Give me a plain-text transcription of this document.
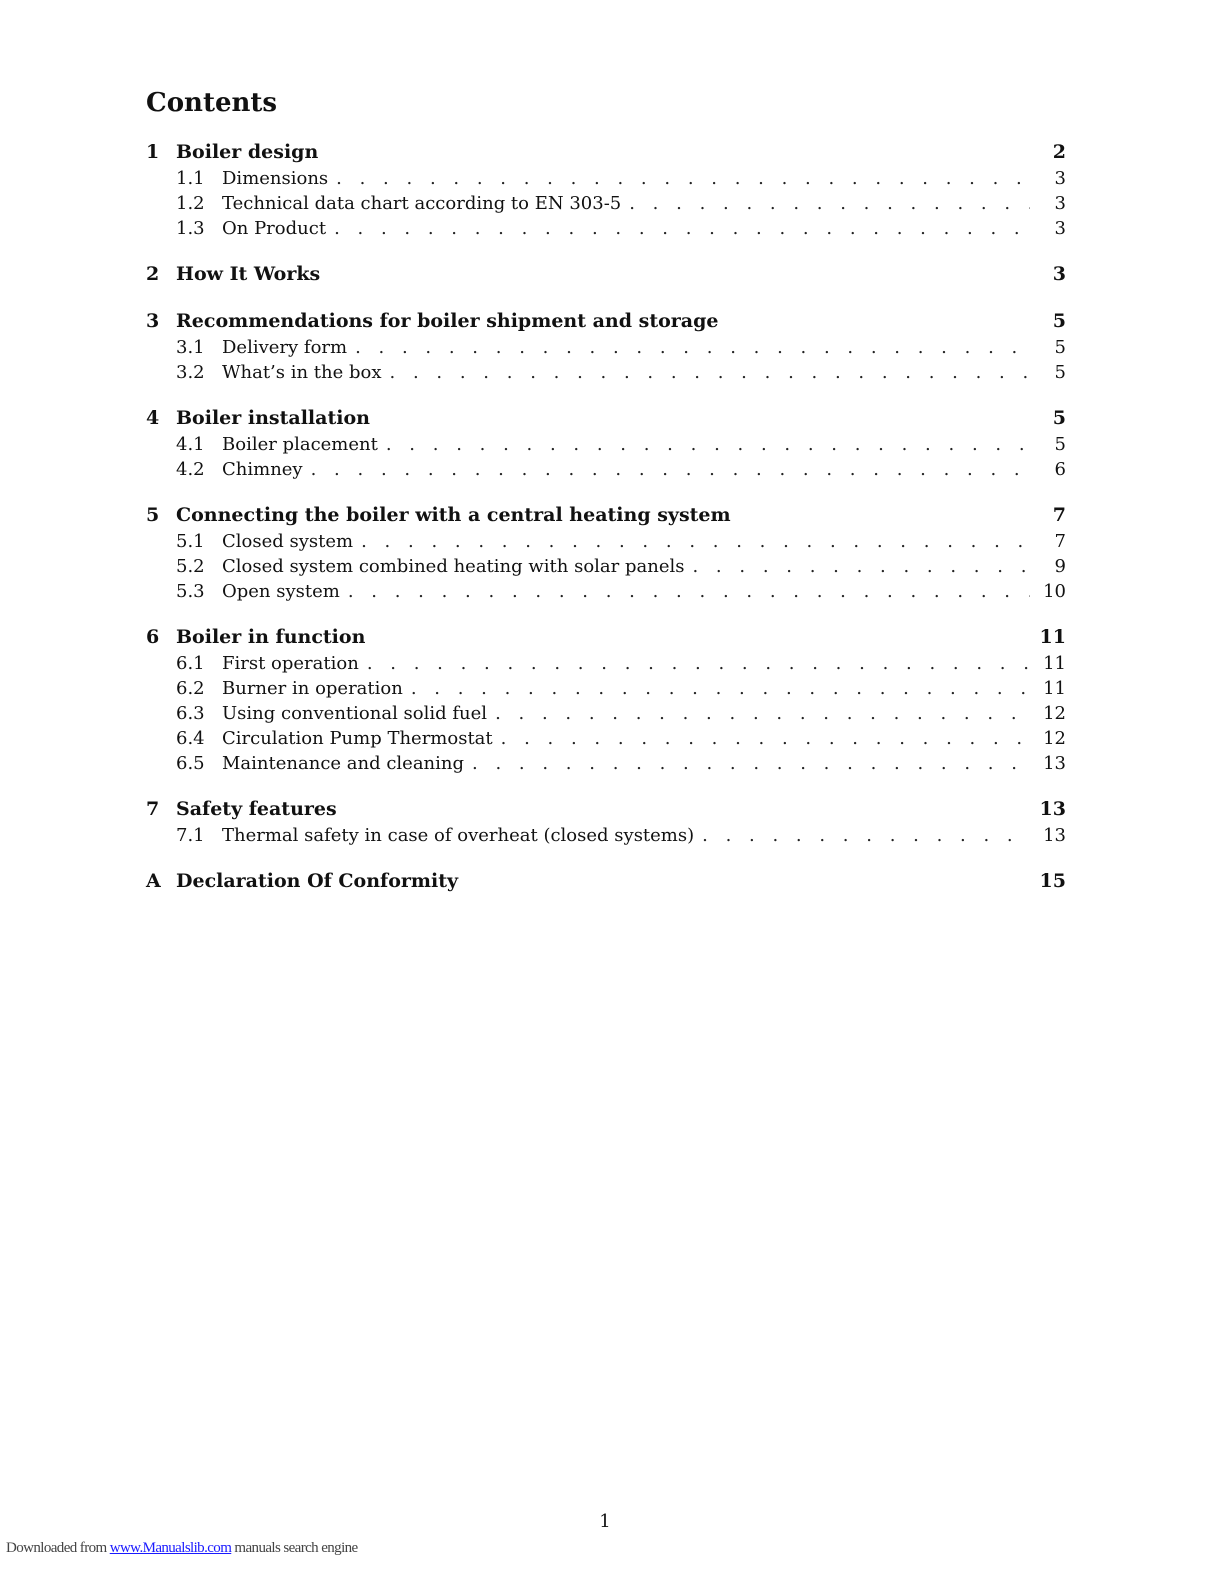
Contents
1 Boiler design	2
1.1 Dimensions . . .	3
1.2 Technical data chart according to EN 303-5 . . .	3
1.3 On Product . . .	3
2 How It Works	3
3 Recommendations for boiler shipment and storage	5
3.1 Delivery form . . .	5
3.2 What’s in the box . . .	5
4 Boiler installation	5
4.1 Boiler placement . . .	5
4.2 Chimney . . .	6
5 Connecting the boiler with a central heating system	7
5.1 Closed system . . .	7
5.2 Closed system combined heating with solar panels . . .	9
5.3 Open system . . .	10
6 Boiler in function	11
6.1 First operation . . .	11
6.2 Burner in operation . . .	11
6.3 Using conventional solid fuel . . .	12
6.4 Circulation Pump Thermostat . . .	12
6.5 Maintenance and cleaning . . .	13
7 Safety features	13
7.1 Thermal safety in case of overheat (closed systems) . . .	13
A Declaration Of Conformity	15
1
Downloaded from www.Manualslib.com manuals search engine
